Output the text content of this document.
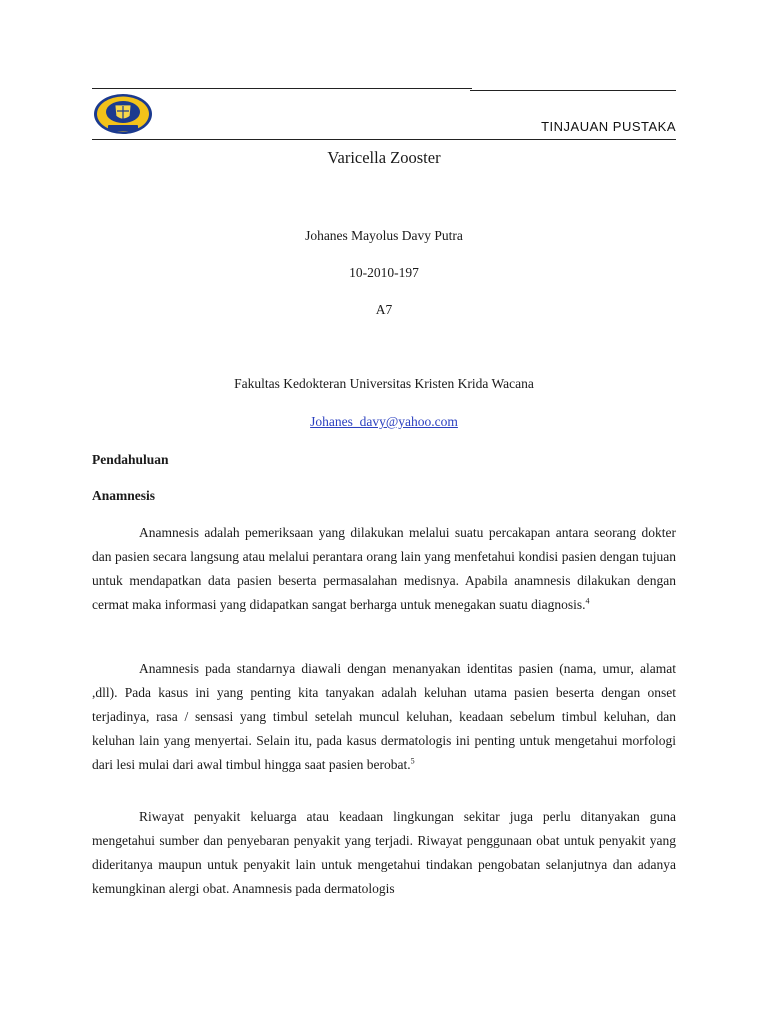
TINJAUAN PUSTAKA
Varicella Zooster
Johanes Mayolus Davy Putra
10-2010-197
A7
Fakultas Kedokteran Universitas Kristen Krida Wacana
Johanes_davy@yahoo.com
Pendahuluan
Anamnesis

Anamnesis adalah pemeriksaan yang dilakukan melalui suatu percakapan antara seorang dokter dan pasien secara langsung atau melalui perantara orang lain yang menfetahui kondisi pasien dengan tujuan untuk mendapatkan data pasien beserta permasalahan medisnya. Apabila anamnesis dilakukan dengan cermat maka informasi yang didapatkan sangat berharga untuk menegakan suatu diagnosis.$^4$

Anamnesis pada standarnya diawali dengan menanyakan identitas pasien (nama, umur, alamat ,dll). Pada kasus ini yang penting kita tanyakan adalah keluhan utama pasien beserta dengan onset terjadinya, rasa / sensasi yang timbul setelah muncul keluhan, keadaan sebelum timbul keluhan, dan keluhan lain yang menyertai. Selain itu, pada kasus dermatologis ini penting untuk mengetahui morfologi dari lesi mulai dari awal timbul hingga saat pasien berobat.$^5$

Riwayat penyakit keluarga atau keadaan lingkungan sekitar juga perlu ditanyakan guna mengetahui sumber dan penyebaran penyakit yang terjadi. Riwayat penggunaan obat untuk penyakit yang dideritanya maupun untuk penyakit lain untuk mengetahui tindakan pengobatan selanjutnya dan adanya kemungkinan alergi obat. Anamnesis pada dermatologis
